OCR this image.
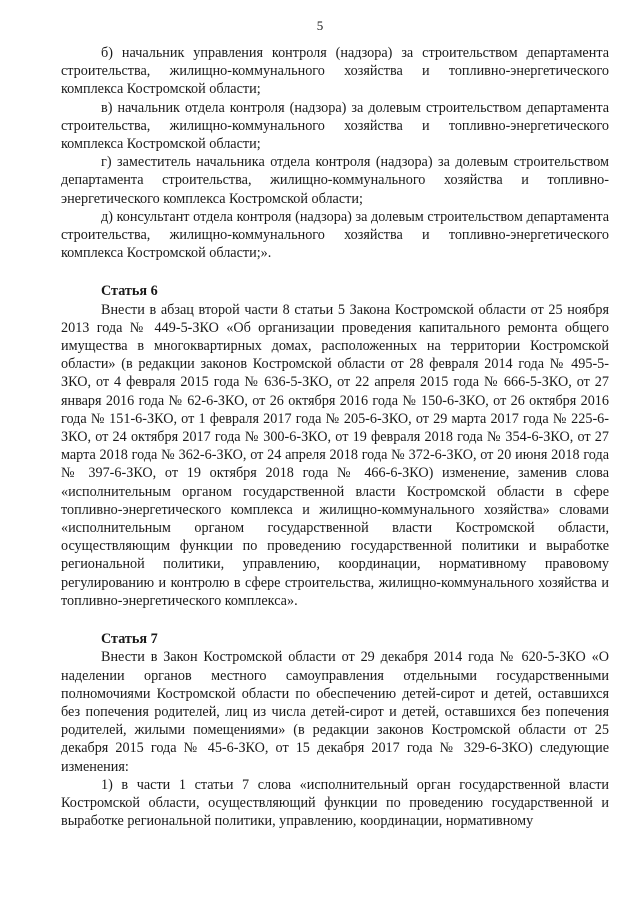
5

б) начальник управления контроля (надзора) за строительством департамента строительства, жилищно-коммунального хозяйства и топливно-энергетического комплекса Костромской области;

в) начальник отдела контроля (надзора) за долевым строительством департамента строительства, жилищно-коммунального хозяйства и топливно-энергетического комплекса Костромской области;

г) заместитель начальника отдела контроля (надзора) за долевым строительством департамента строительства, жилищно-коммунального хозяйства и топливно-энергетического комплекса Костромской области;

д) консультант отдела контроля (надзора) за долевым строительством департамента строительства, жилищно-коммунального хозяйства и топливно-энергетического комплекса Костромской области;».

Статья 6

Внести в абзац второй части 8 статьи 5 Закона Костромской области от 25 ноября 2013 года № 449-5-ЗКО «Об организации проведения капитального ремонта общего имущества в многоквартирных домах, расположенных на территории Костромской области» (в редакции законов Костромской области от 28 февраля 2014 года № 495-5-ЗКО, от 4 февраля 2015 года № 636-5-ЗКО, от 22 апреля 2015 года № 666-5-ЗКО, от 27 января 2016 года № 62-6-ЗКО, от 26 октября 2016 года № 150-6-ЗКО, от 26 октября 2016 года № 151-6-ЗКО, от 1 февраля 2017 года № 205-6-ЗКО, от 29 марта 2017 года № 225-6-ЗКО, от 24 октября 2017 года № 300-6-ЗКО, от 19 февраля 2018 года № 354-6-ЗКО, от 27 марта 2018 года № 362-6-ЗКО, от 24 апреля 2018 года № 372-6-ЗКО, от 20 июня 2018 года № 397-6-ЗКО, от 19 октября 2018 года № 466-6-ЗКО) изменение, заменив слова «исполнительным органом государственной власти Костромской области в сфере топливно-энергетического комплекса и жилищно-коммунального хозяйства» словами «исполнительным органом государственной власти Костромской области, осуществляющим функции по проведению государственной политики и выработке региональной политики, управлению, координации, нормативному правовому регулированию и контролю в сфере строительства, жилищно-коммунального хозяйства и топливно-энергетического комплекса».

Статья 7

Внести в Закон Костромской области от 29 декабря 2014 года № 620-5-ЗКО «О наделении органов местного самоуправления отдельными государственными полномочиями Костромской области по обеспечению детей-сирот и детей, оставшихся без попечения родителей, лиц из числа детей-сирот и детей, оставшихся без попечения родителей, жилыми помещениями» (в редакции законов Костромской области от 25 декабря 2015 года № 45-6-ЗКО, от 15 декабря 2017 года № 329-6-ЗКО) следующие изменения:

1) в части 1 статьи 7 слова «исполнительный орган государственной власти Костромской области, осуществляющий функции по проведению государственной и выработке региональной политики, управлению, координации, нормативному
